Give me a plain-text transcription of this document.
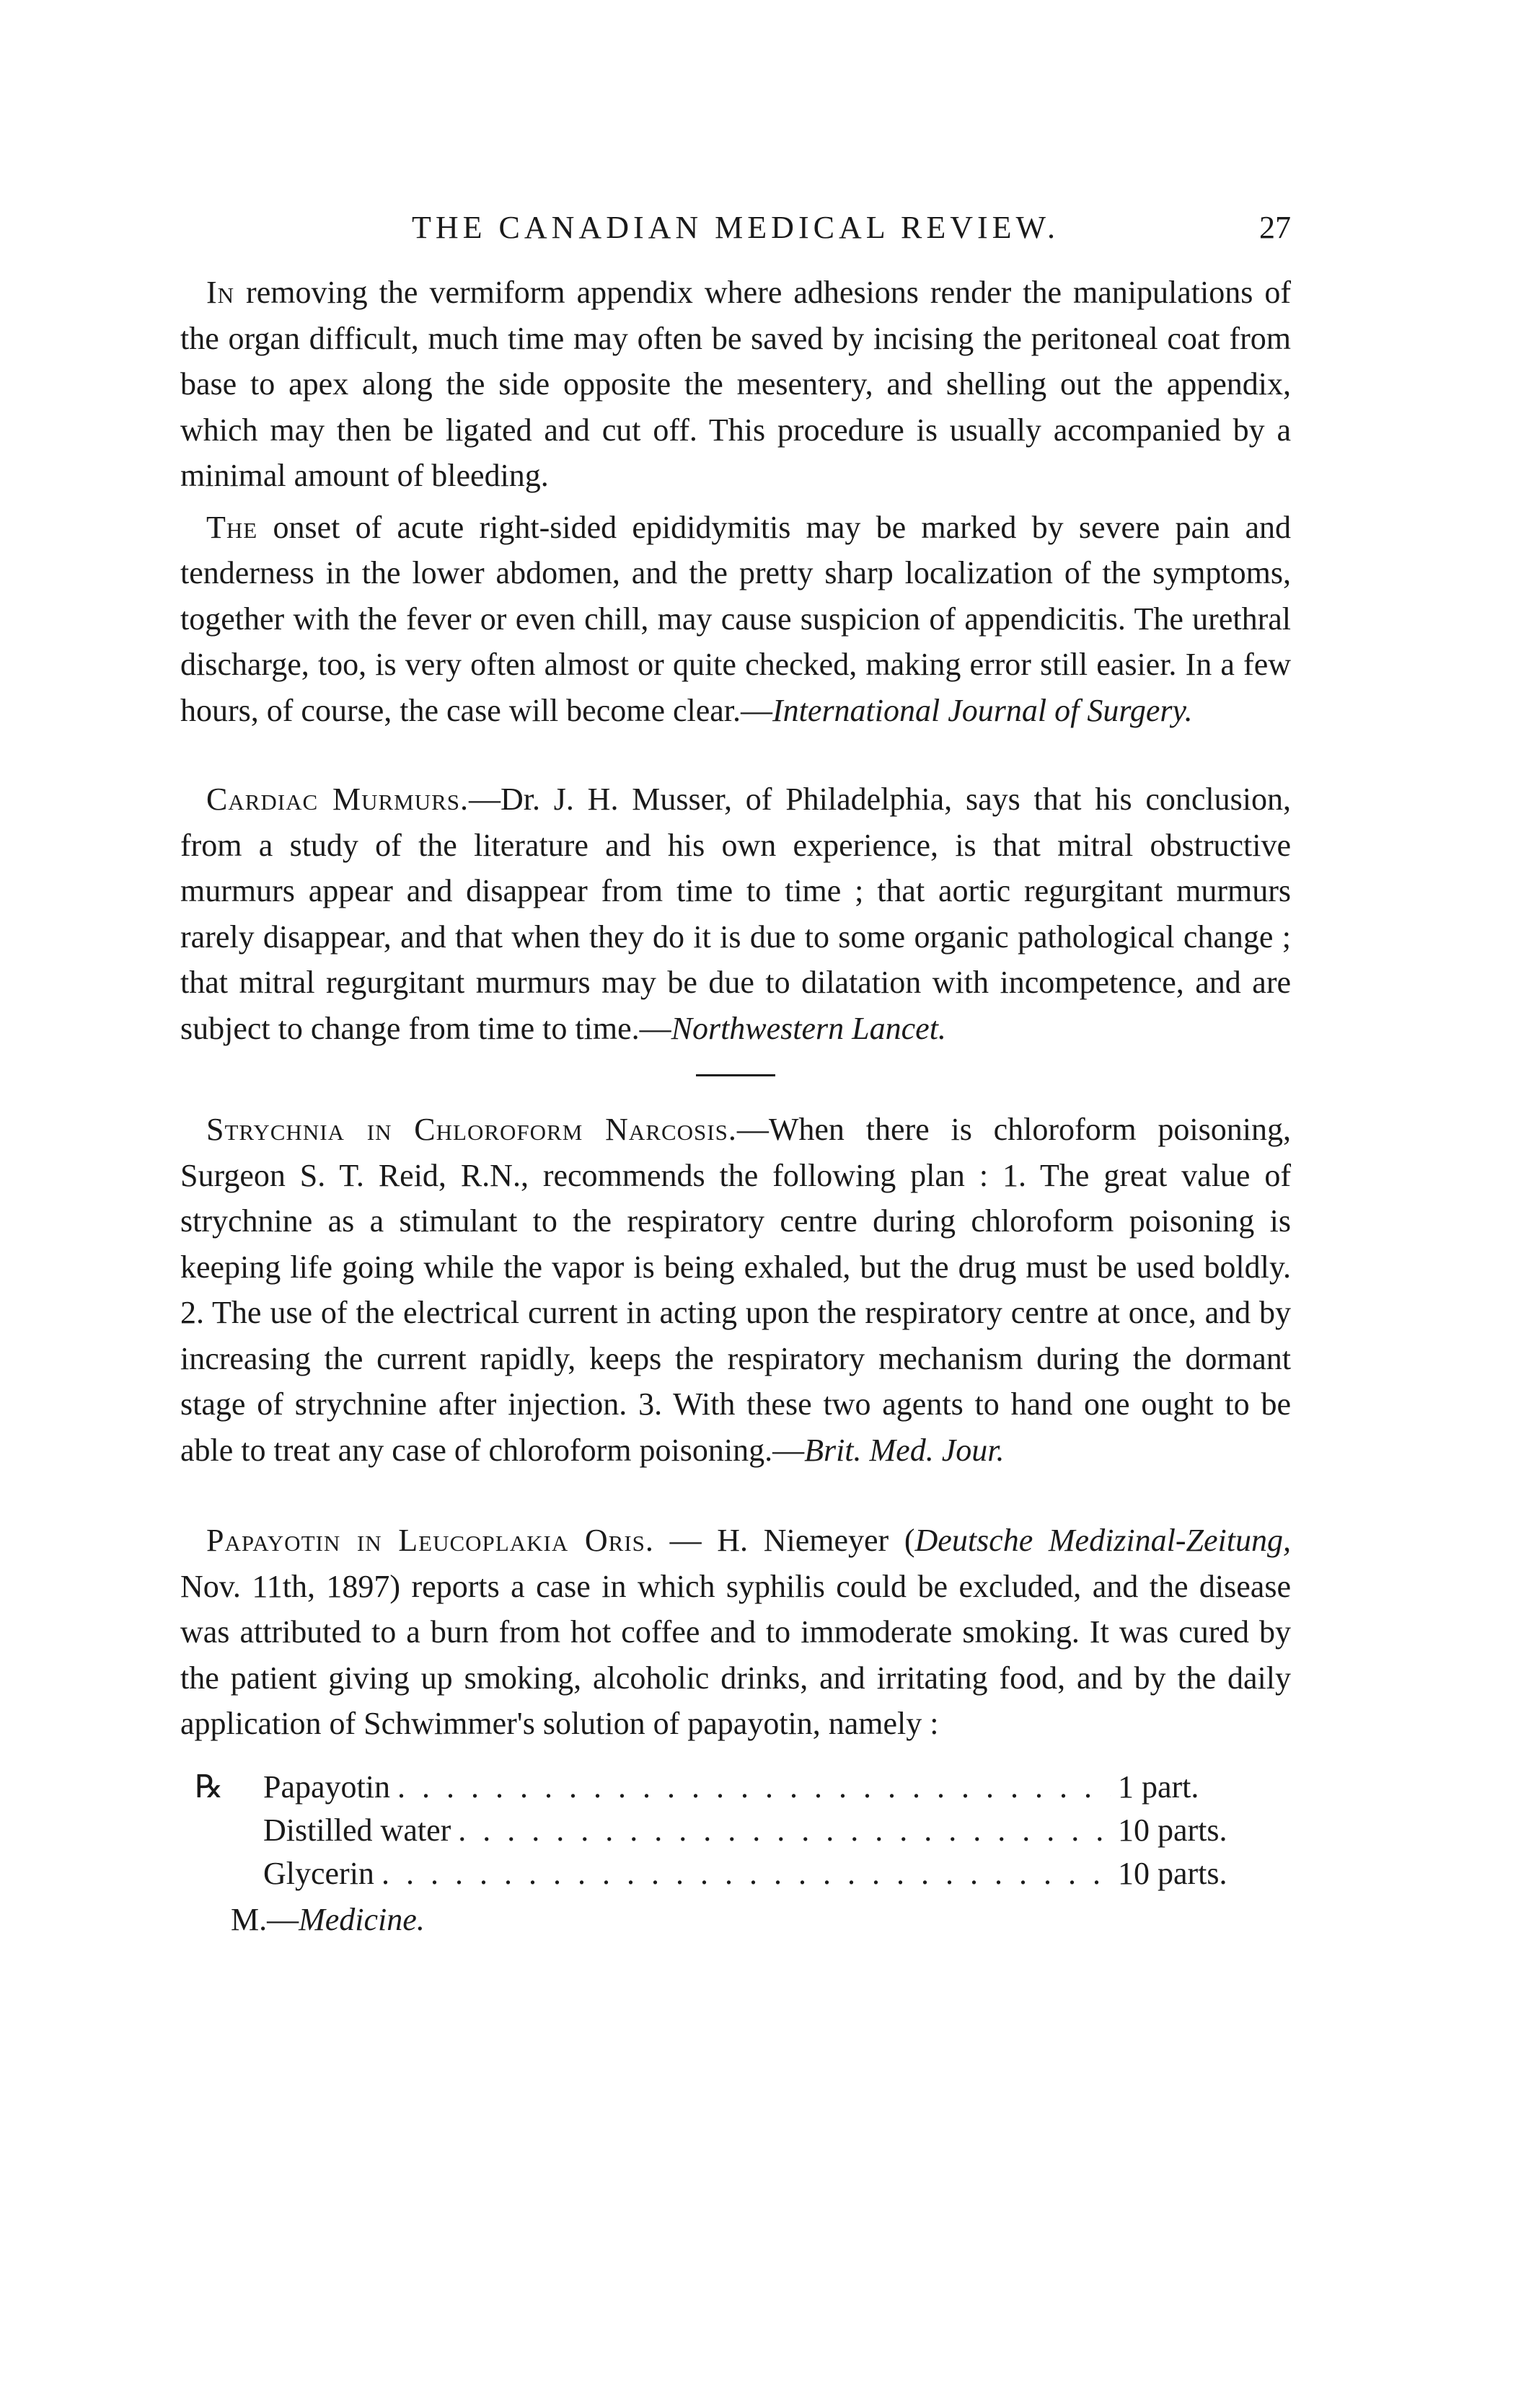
THE CANADIAN MEDICAL REVIEW.	27

In removing the vermiform appendix where adhesions render the manipulations of the organ difficult, much time may often be saved by incising the peritoneal coat from base to apex along the side opposite the mesentery, and shelling out the appendix, which may then be ligated and cut off. This procedure is usually accompanied by a minimal amount of bleeding.

The onset of acute right-sided epididymitis may be marked by severe pain and tenderness in the lower abdomen, and the pretty sharp localization of the symptoms, together with the fever or even chill, may cause suspicion of appendicitis. The urethral discharge, too, is very often almost or quite checked, making error still easier. In a few hours, of course, the case will become clear.—International Journal of Surgery.

Cardiac Murmurs.—Dr. J. H. Musser, of Philadelphia, says that his conclusion, from a study of the literature and his own experience, is that mitral obstructive murmurs appear and disappear from time to time ; that aortic regurgitant murmurs rarely disappear, and that when they do it is due to some organic pathological change ; that mitral regurgitant murmurs may be due to dilatation with incompetence, and are subject to change from time to time.—Northwestern Lancet.

Strychnia in Chloroform Narcosis.—When there is chloroform poisoning, Surgeon S. T. Reid, R.N., recommends the following plan : 1. The great value of strychnine as a stimulant to the respiratory centre during chloroform poisoning is keeping life going while the vapor is being exhaled, but the drug must be used boldly. 2. The use of the electrical current in acting upon the respiratory centre at once, and by increasing the current rapidly, keeps the respiratory mechanism during the dormant stage of strychnine after injection. 3. With these two agents to hand one ought to be able to treat any case of chloroform poisoning.—Brit. Med. Jour.

Papayotin in Leucoplakia Oris. — H. Niemeyer (Deutsche Medizinal-Zeitung, Nov. 11th, 1897) reports a case in which syphilis could be excluded, and the disease was attributed to a burn from hot coffee and to immoderate smoking. It was cured by the patient giving up smoking, alcoholic drinks, and irritating food, and by the daily application of Schwimmer's solution of papayotin, namely :

℞	Papayotin . . .	1 part.
Distilled water . . .	10 parts.
Glycerin . . .	10 parts.
M.—Medicine.
